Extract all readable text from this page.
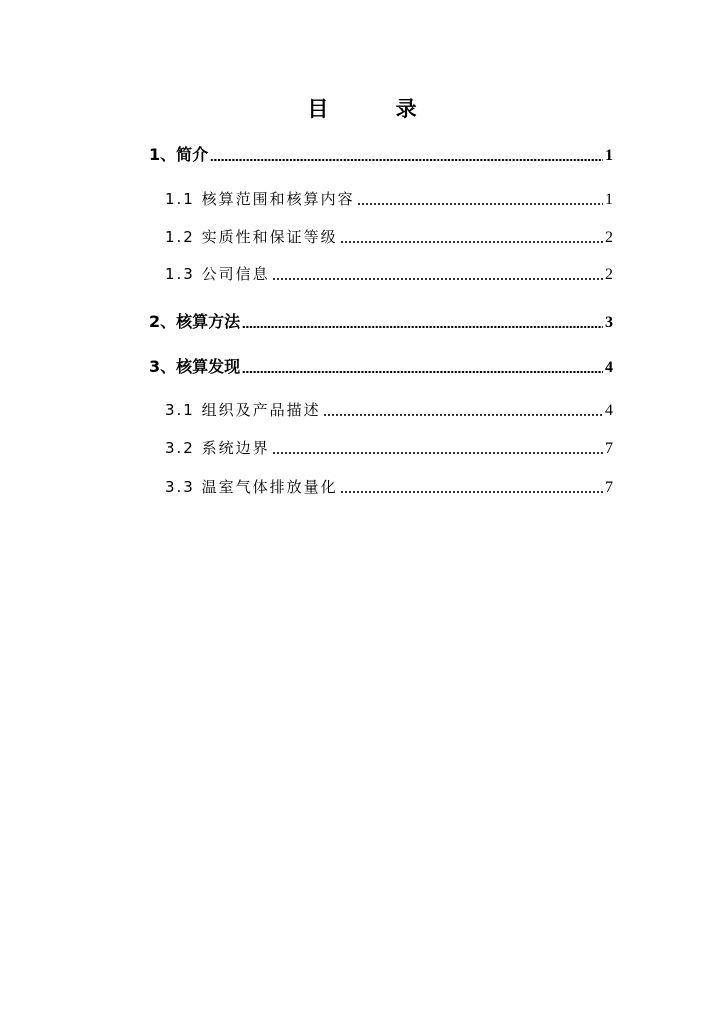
目 录
1、简介	1
1.1 核算范围和核算内容	1
1.2 实质性和保证等级	2
1.3 公司信息	2
2、核算方法	3
3、核算发现	4
3.1 组织及产品描述	4
3.2 系统边界	7
3.3 温室气体排放量化	7
